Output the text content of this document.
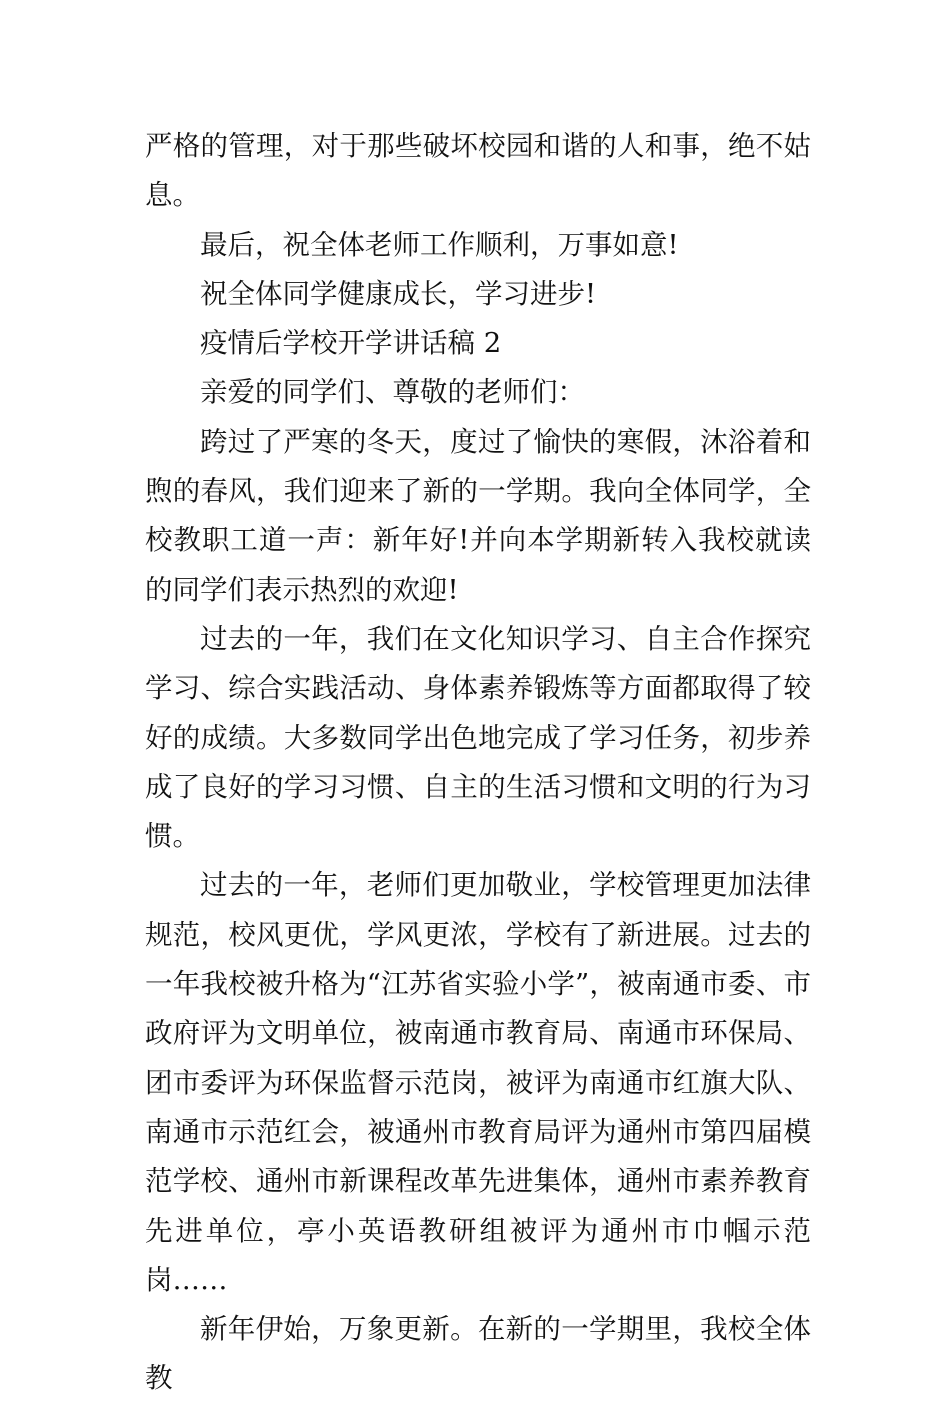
严格的管理，对于那些破坏校园和谐的人和事，绝不姑息。

最后，祝全体老师工作顺利，万事如意!

祝全体同学健康成长，学习进步!

疫情后学校开学讲话稿 2

亲爱的同学们、尊敬的老师们：

跨过了严寒的冬天，度过了愉快的寒假，沐浴着和煦的春风，我们迎来了新的一学期。我向全体同学，全校教职工道一声：新年好!并向本学期新转入我校就读的同学们表示热烈的欢迎!

过去的一年，我们在文化知识学习、自主合作探究学习、综合实践活动、身体素养锻炼等方面都取得了较好的成绩。大多数同学出色地完成了学习任务，初步养成了良好的学习习惯、自主的生活习惯和文明的行为习惯。

过去的一年，老师们更加敬业，学校管理更加法律规范，校风更优，学风更浓，学校有了新进展。过去的一年我校被升格为“江苏省实验小学”，被南通市委、市政府评为文明单位，被南通市教育局、南通市环保局、团市委评为环保监督示范岗，被评为南通市红旗大队、南通市示范红会，被通州市教育局评为通州市第四届模范学校、通州市新课程改革先进集体，通州市素养教育先进单位，亭小英语教研组被评为通州市巾帼示范岗……

新年伊始，万象更新。在新的一学期里，我校全体教
